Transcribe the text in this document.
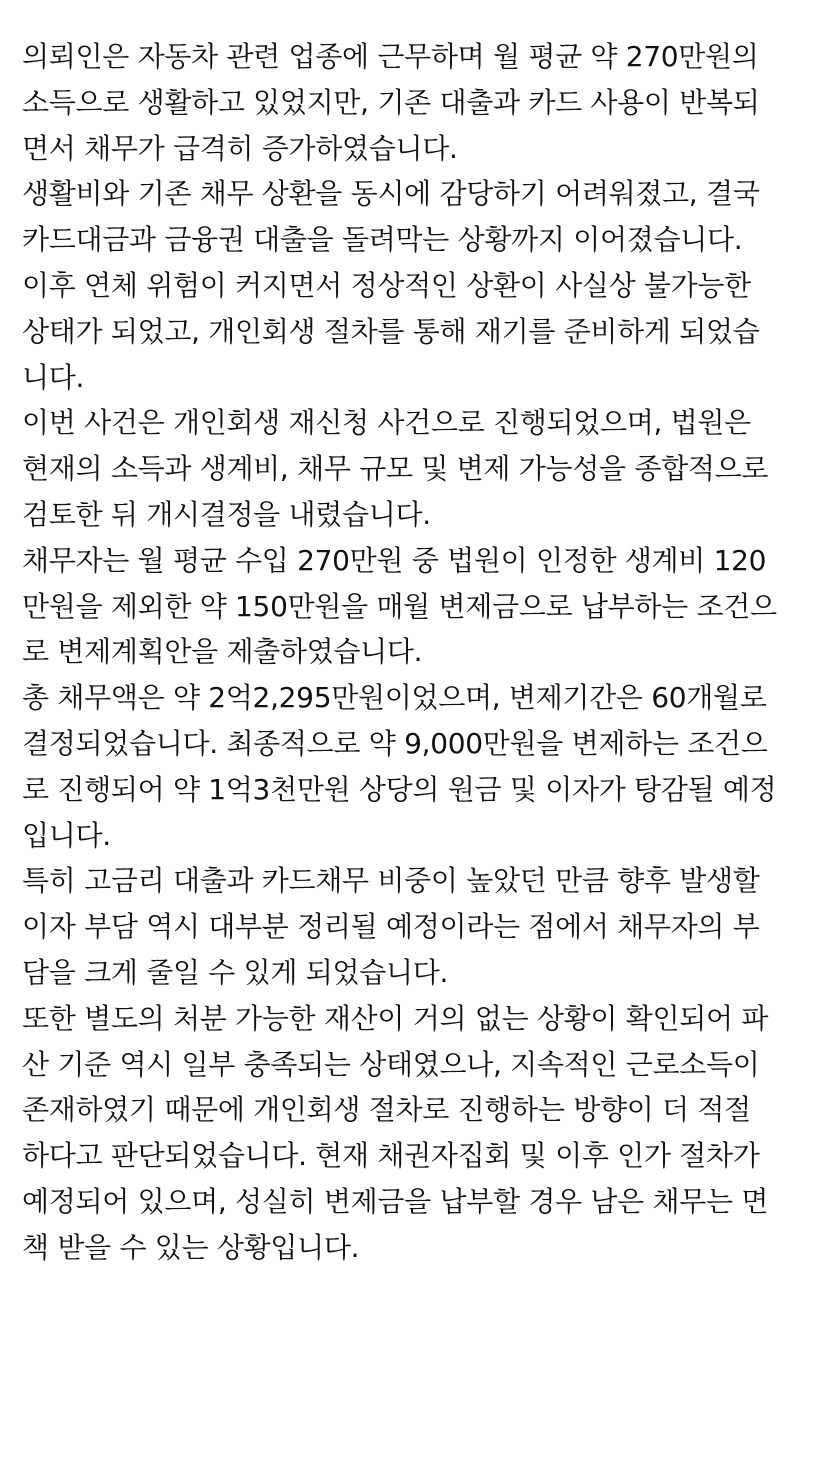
의뢰인은 자동차 관련 업종에 근무하며 월 평균 약 270만원의
소득으로 생활하고 있었지만, 기존 대출과 카드 사용이 반복되
면서 채무가 급격히 증가하였습니다.
생활비와 기존 채무 상환을 동시에 감당하기 어려워졌고, 결국
카드대금과 금융권 대출을 돌려막는 상황까지 이어졌습니다.
이후 연체 위험이 커지면서 정상적인 상환이 사실상 불가능한
상태가 되었고, 개인회생 절차를 통해 재기를 준비하게 되었습
니다.
이번 사건은 개인회생 재신청 사건으로 진행되었으며, 법원은
현재의 소득과 생계비, 채무 규모 및 변제 가능성을 종합적으로
검토한 뒤 개시결정을 내렸습니다.
채무자는 월 평균 수입 270만원 중 법원이 인정한 생계비 120
만원을 제외한 약 150만원을 매월 변제금으로 납부하는 조건으
로 변제계획안을 제출하였습니다.
총 채무액은 약 2억2,295만원이었으며, 변제기간은 60개월로
결정되었습니다. 최종적으로 약 9,000만원을 변제하는 조건으
로 진행되어 약 1억3천만원 상당의 원금 및 이자가 탕감될 예정
입니다.
특히 고금리 대출과 카드채무 비중이 높았던 만큼 향후 발생할
이자 부담 역시 대부분 정리될 예정이라는 점에서 채무자의 부
담을 크게 줄일 수 있게 되었습니다.
또한 별도의 처분 가능한 재산이 거의 없는 상황이 확인되어 파
산 기준 역시 일부 충족되는 상태였으나, 지속적인 근로소득이
존재하였기 때문에 개인회생 절차로 진행하는 방향이 더 적절
하다고 판단되었습니다. 현재 채권자집회 및 이후 인가 절차가
예정되어 있으며, 성실히 변제금을 납부할 경우 남은 채무는 면
책 받을 수 있는 상황입니다.
